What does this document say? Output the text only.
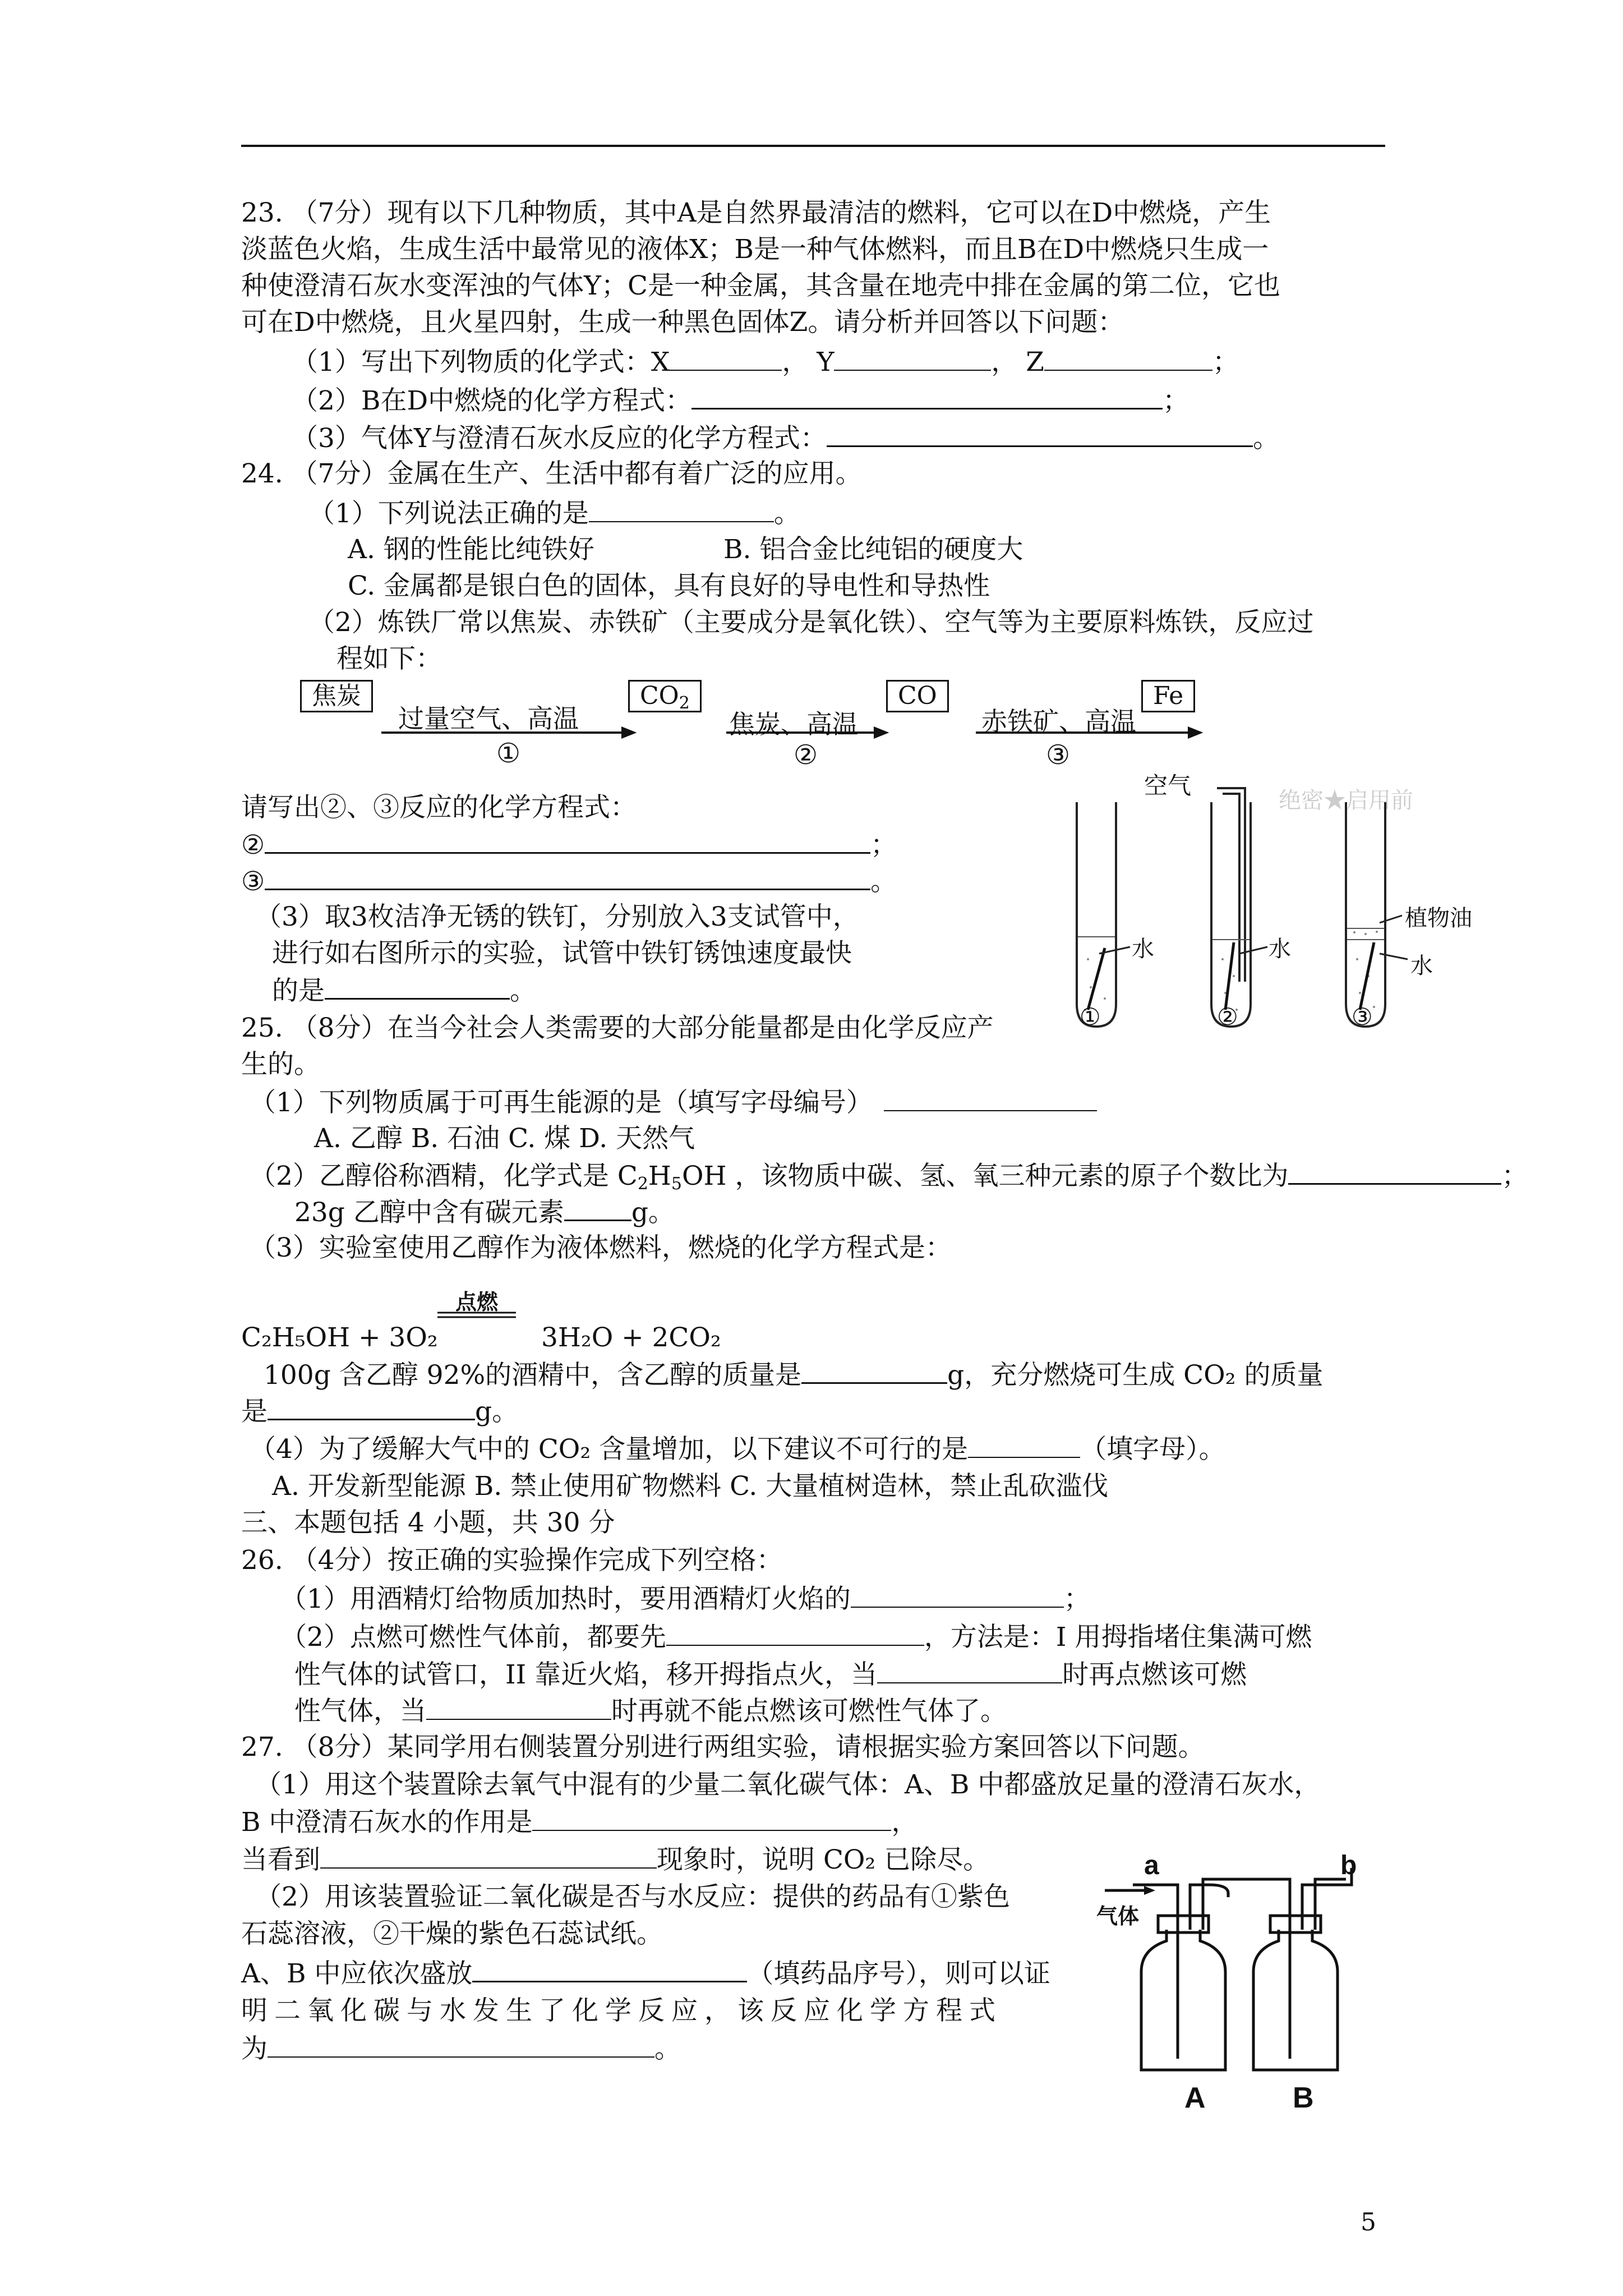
23. （7分）现有以下几种物质，其中A是自然界最清洁的燃料，它可以在D中燃烧，产生
淡蓝色火焰，生成生活中最常见的液体X；B是一种气体燃料，而且B在D中燃烧只生成一
种使澄清石灰水变浑浊的气体Y；C是一种金属，其含量在地壳中排在金属的第二位，它也
可在D中燃烧，且火星四射，生成一种黑色固体Z。请分析并回答以下问题：
（1）写出下列物质的化学式：X	， Y	， Z	；
（2）B在D中燃烧的化学方程式：	；
（3）气体Y与澄清石灰水反应的化学方程式：	。
24. （7分）金属在生产、生活中都有着广泛的应用。
（1）下列说法正确的是	。
A. 钢的性能比纯铁好	B. 铝合金比纯铝的硬度大
C. 金属都是银白色的固体，具有良好的导电性和导热性
（2）炼铁厂常以焦炭、赤铁矿（主要成分是氧化铁）、空气等为主要原料炼铁，反应过
程如下：
焦炭	$CO_2$	CO	Fe
过量空气、高温	焦炭、高温	赤铁矿、高温
①	②	③
请写出②、③反应的化学方程式：
②	；
③	。
（3）取3枚洁净无锈的铁钉，分别放入3支试管中，
进行如右图所示的实验，试管中铁钉锈蚀速度最快
的是	。
绝密★启用前
空气
水	水
植物油
水
①	②	③
25. （8分）在当今社会人类需要的大部分能量都是由化学反应产
生的。
（1）下列物质属于可再生能源的是（填写字母编号）
A. 乙醇 B. 石油 C. 煤 D. 天然气
（2）乙醇俗称酒精，化学式是 $C_2H_5OH$ ，该物质中碳、氢、氧三种元素的原子个数比为	；
23g 乙醇中含有碳元素	g。
（3）实验室使用乙醇作为液体燃料，燃烧的化学方程式是：
C₂H₅OH + 3O₂
点燃
3H₂O + 2CO₂
100g 含乙醇 92%的酒精中，含乙醇的质量是	g，充分燃烧可生成 CO₂ 的质量
是	g。
（4）为了缓解大气中的 CO₂ 含量增加，以下建议不可行的是	（填字母）。
A. 开发新型能源 B. 禁止使用矿物燃料 C. 大量植树造林，禁止乱砍滥伐
三、本题包括 4 小题，共 30 分
26. （4分）按正确的实验操作完成下列空格：
（1）用酒精灯给物质加热时，要用酒精灯火焰的	；
（2）点燃可燃性气体前，都要先	，方法是：I 用拇指堵住集满可燃
性气体的试管口，II 靠近火焰，移开拇指点火，当	时再点燃该可燃
性气体，当	时再就不能点燃该可燃性气体了。
27. （8分）某同学用右侧装置分别进行两组实验，请根据实验方案回答以下问题。
（1）用这个装置除去氧气中混有的少量二氧化碳气体：A、B 中都盛放足量的澄清石灰水，
B 中澄清石灰水的作用是	，
当看到	现象时，说明 CO₂ 已除尽。
（2）用该装置验证二氧化碳是否与水反应：提供的药品有①紫色
石蕊溶液，②干燥的紫色石蕊试纸。
A、B 中应依次盛放	（填药品序号），则可以证
明二氧化碳与水发生了化学反应，该反应化学方程式
为	。
a	b
气体
A	B
5
